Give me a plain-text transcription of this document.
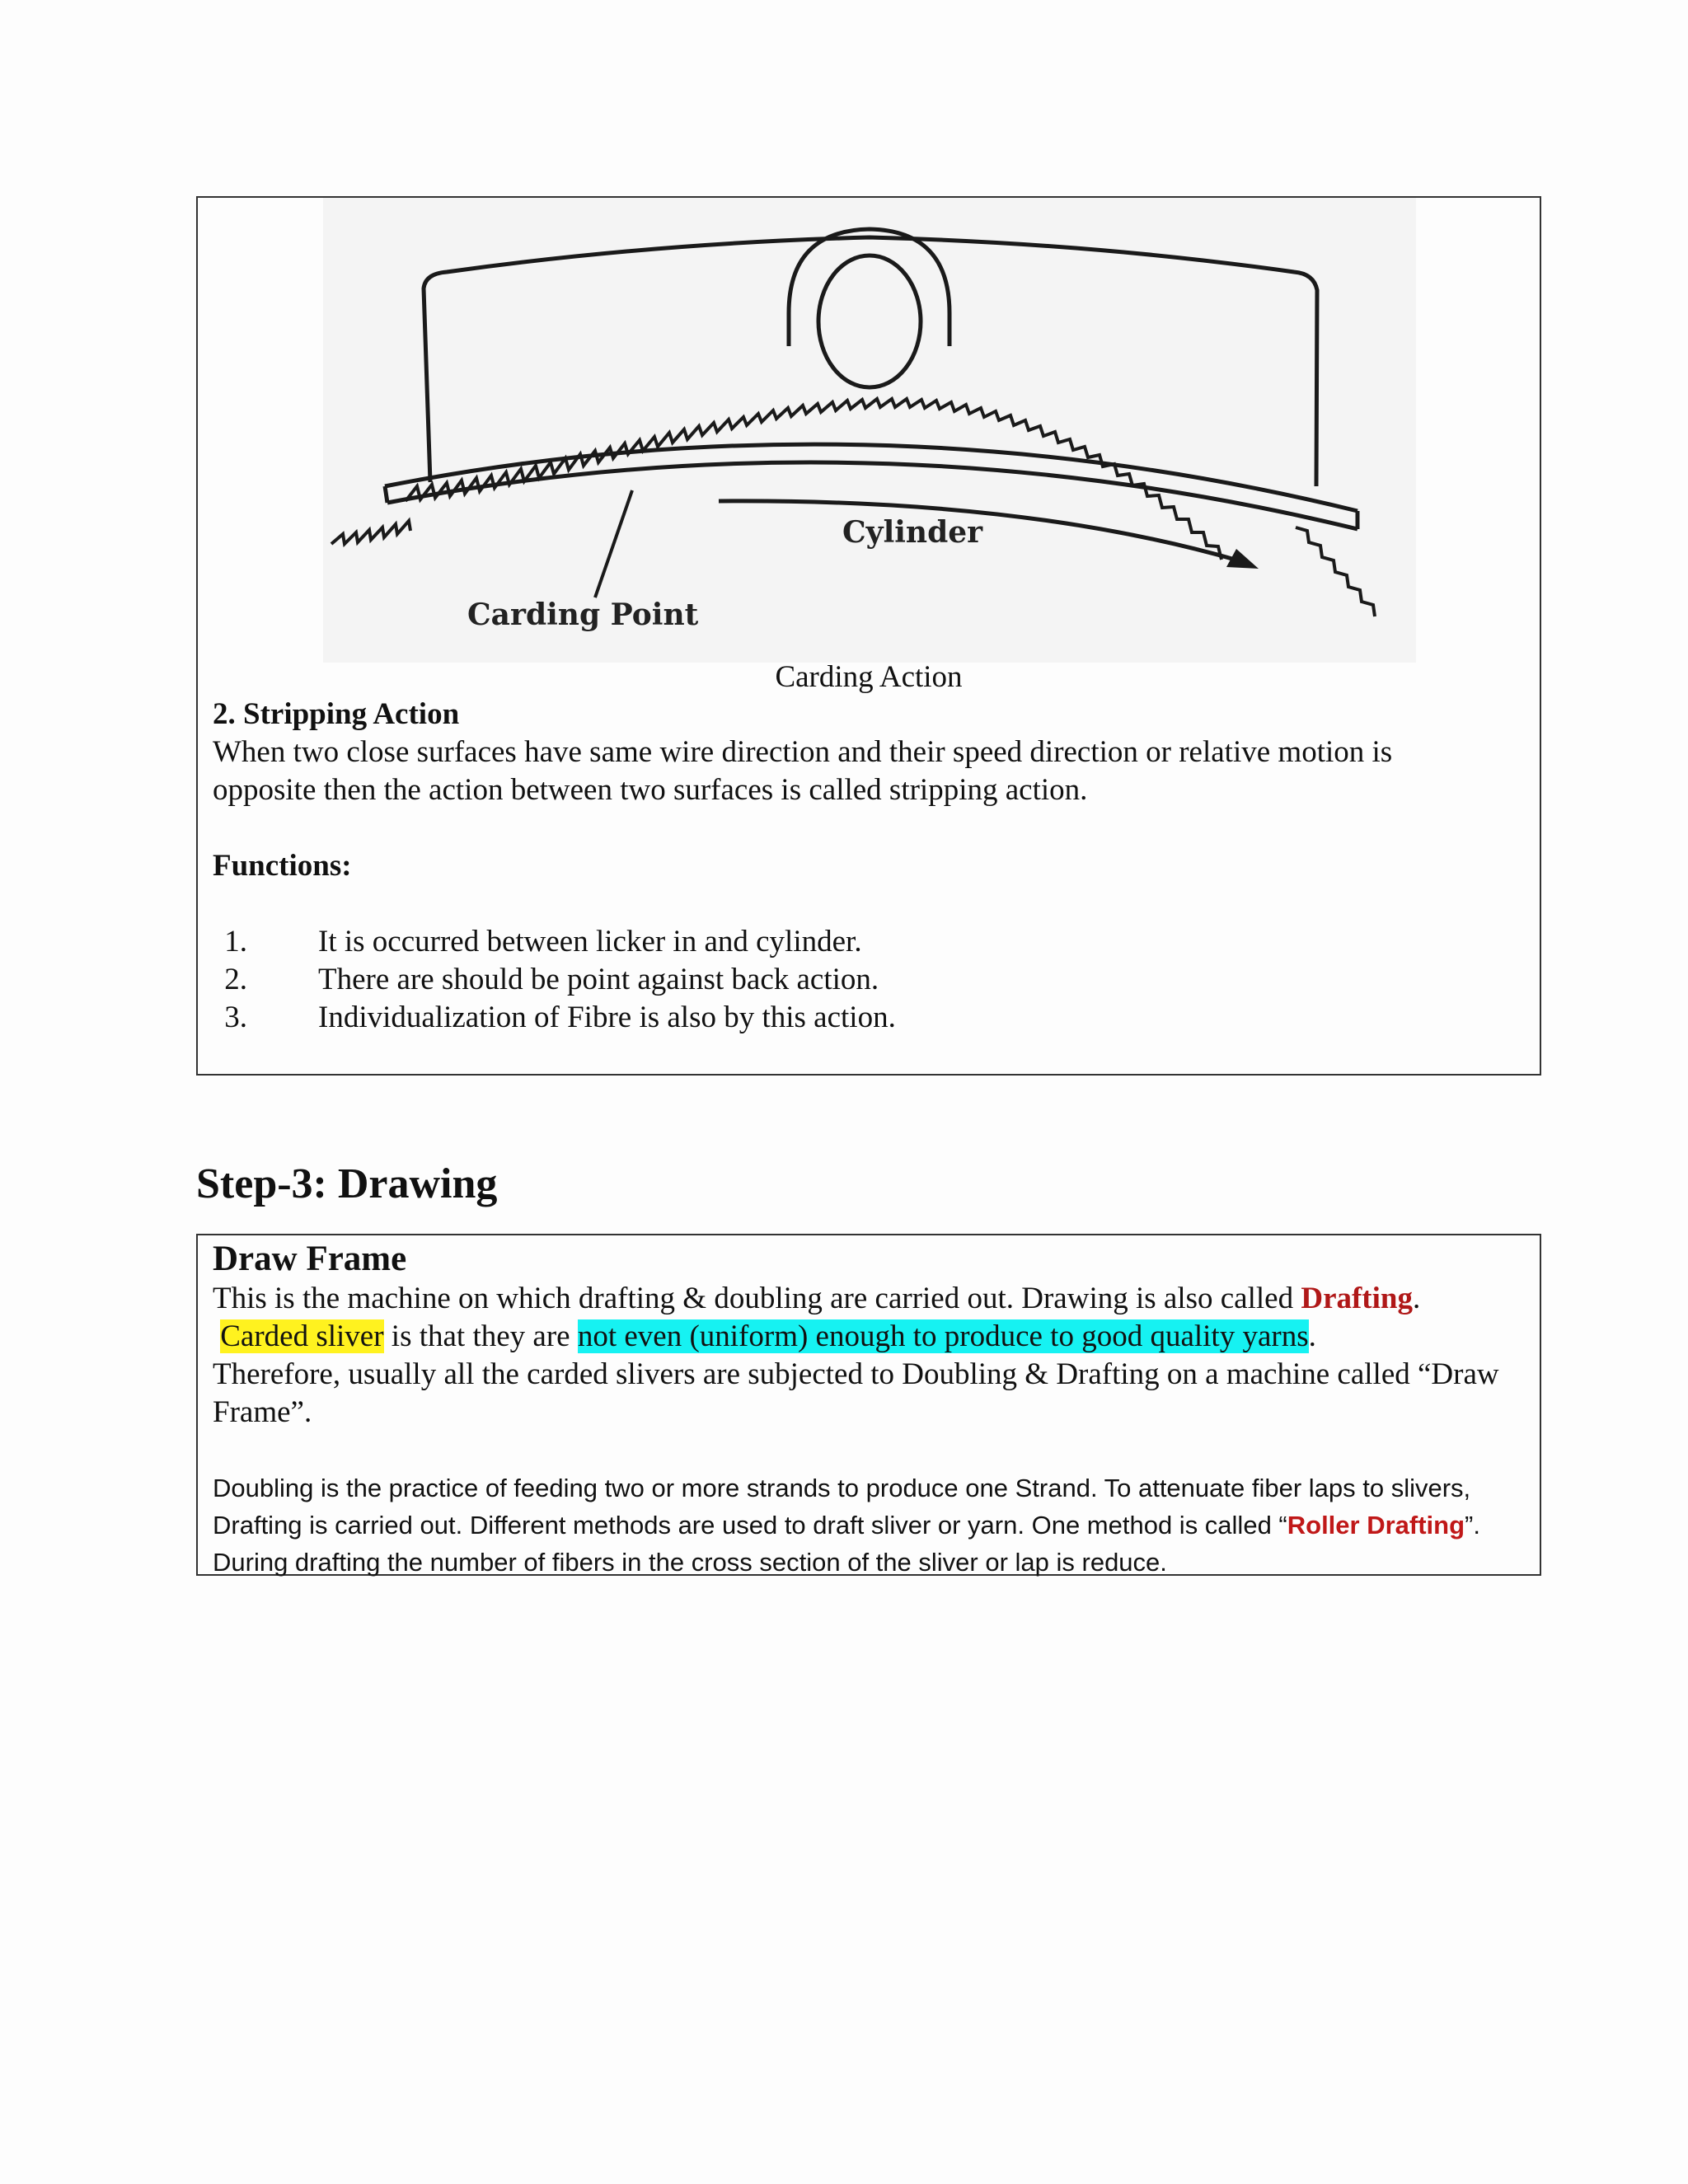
Cylinder
Carding Point
Carding Action

2. Stripping Action

When two close surfaces have same wire direction and their speed direction or relative motion is opposite then the action between two surfaces is called stripping action.

Functions:

1. It is occurred between licker in and cylinder.
2. There are should be point against back action.
3. Individualization of Fibre is also by this action.
Step-3: Drawing

Draw Frame

This is the machine on which drafting & doubling are carried out. Drawing is also called Drafting.

Carded sliver is that they are not even (uniform) enough to produce to good quality yarns.

Therefore, usually all the carded slivers are subjected to Doubling & Drafting on a machine called “Draw Frame”.

Doubling is the practice of feeding two or more strands to produce one Strand. To attenuate fiber laps to slivers, Drafting is carried out. Different methods are used to draft sliver or yarn. One method is called “Roller Drafting”. During drafting the number of fibers in the cross section of the sliver or lap is reduce.
